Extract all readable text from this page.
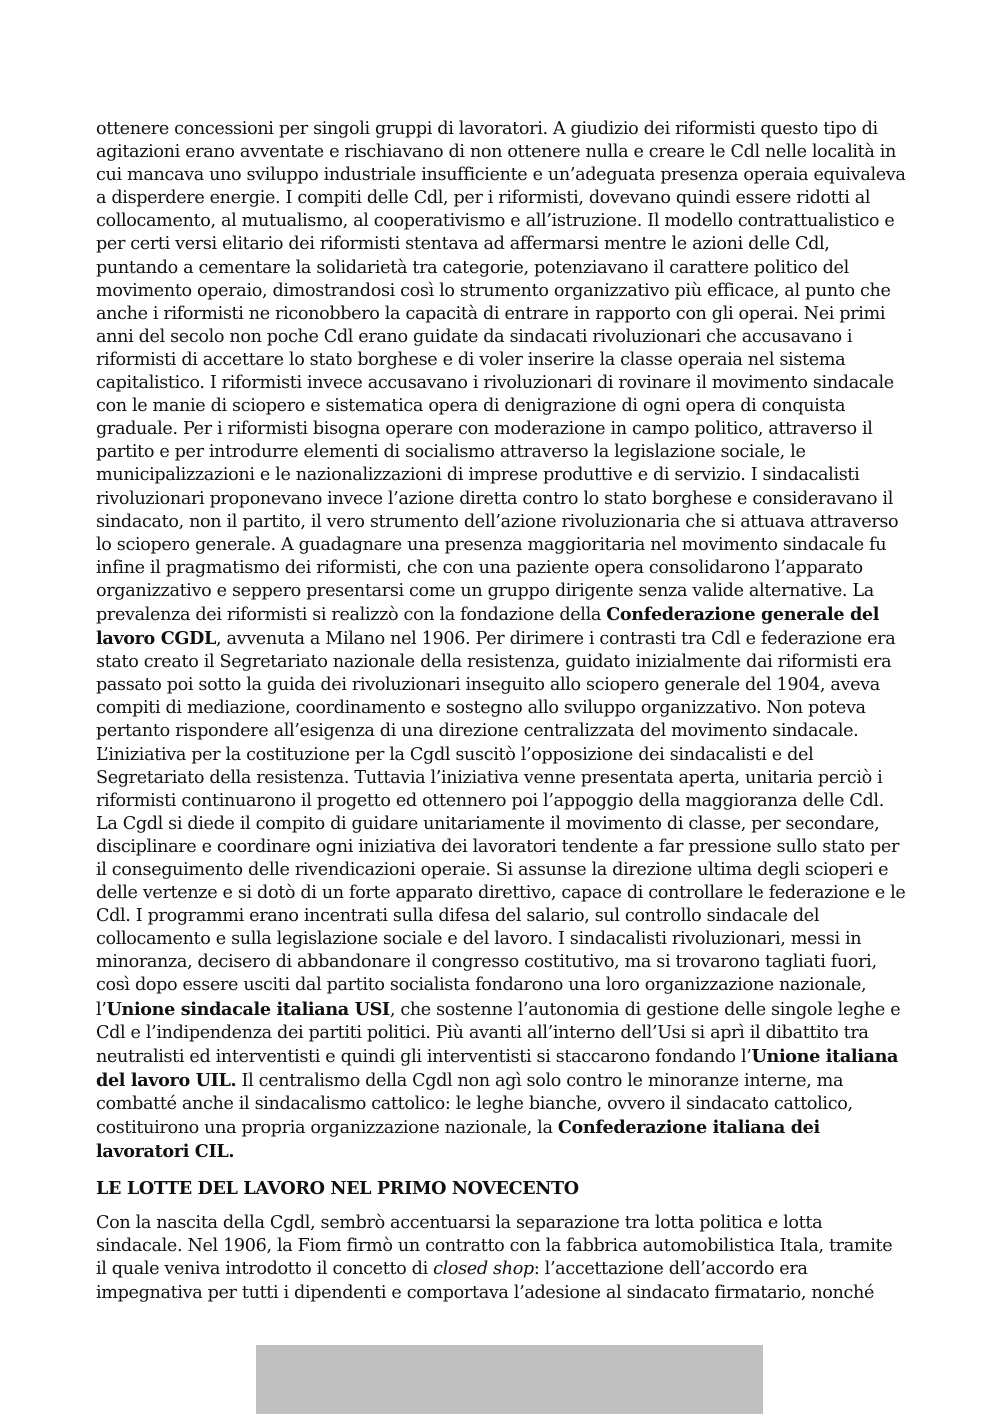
ottenere concessioni per singoli gruppi di lavoratori. A giudizio dei riformisti questo tipo di agitazioni erano avventate e rischiavano di non ottenere nulla e creare le Cdl nelle località in cui mancava uno sviluppo industriale insufficiente e un’adeguata presenza operaia equivaleva a disperdere energie. I compiti delle Cdl, per i riformisti, dovevano quindi essere ridotti al collocamento, al mutualismo, al cooperativismo e all’istruzione. Il modello contrattualistico e per certi versi elitario dei riformisti stentava ad affermarsi mentre le azioni delle Cdl, puntando a cementare la solidarietà tra categorie, potenziavano il carattere politico del movimento operaio, dimostrandosi così lo strumento organizzativo più efficace, al punto che anche i riformisti ne riconobbero la capacità di entrare in rapporto con gli operai. Nei primi anni del secolo non poche Cdl erano guidate da sindacati rivoluzionari che accusavano i riformisti di accettare lo stato borghese e di voler inserire la classe operaia nel sistema capitalistico. I riformisti invece accusavano i rivoluzionari di rovinare il movimento sindacale con le manie di sciopero e sistematica opera di denigrazione di ogni opera di conquista graduale. Per i riformisti bisogna operare con moderazione in campo politico, attraverso il partito e per introdurre elementi di socialismo attraverso la legislazione sociale, le municipalizzazioni e le nazionalizzazioni di imprese produttive e di servizio. I sindacalisti rivoluzionari proponevano invece l’azione diretta contro lo stato borghese e consideravano il sindacato, non il partito, il vero strumento dell’azione rivoluzionaria che si attuava attraverso lo sciopero generale. A guadagnare una presenza maggioritaria nel movimento sindacale fu infine il pragmatismo dei riformisti, che con una paziente opera consolidarono l’apparato organizzativo e seppero presentarsi come un gruppo dirigente senza valide alternative. La prevalenza dei riformisti si realizzò con la fondazione della Confederazione generale del lavoro CGDL, avvenuta a Milano nel 1906. Per dirimere i contrasti tra Cdl e federazione era stato creato il Segretariato nazionale della resistenza, guidato inizialmente dai riformisti era passato poi sotto la guida dei rivoluzionari inseguito allo sciopero generale del 1904, aveva compiti di mediazione, coordinamento e sostegno allo sviluppo organizzativo. Non poteva pertanto rispondere all’esigenza di una direzione centralizzata del movimento sindacale. L’iniziativa per la costituzione per la Cgdl suscitò l’opposizione dei sindacalisti e del Segretariato della resistenza. Tuttavia l’iniziativa venne presentata aperta, unitaria perciò i riformisti continuarono il progetto ed ottennero poi l’appoggio della maggioranza delle Cdl. La Cgdl si diede il compito di guidare unitariamente il movimento di classe, per secondare, disciplinare e coordinare ogni iniziativa dei lavoratori tendente a far pressione sullo stato per il conseguimento delle rivendicazioni operaie. Si assunse la direzione ultima degli scioperi e delle vertenze e si dotò di un forte apparato direttivo, capace di controllare le federazione e le Cdl. I programmi erano incentrati sulla difesa del salario, sul controllo sindacale del collocamento e sulla legislazione sociale e del lavoro. I sindacalisti rivoluzionari, messi in minoranza, decisero di abbandonare il congresso costitutivo, ma si trovarono tagliati fuori, così dopo essere usciti dal partito socialista fondarono una loro organizzazione nazionale, l’Unione sindacale italiana USI, che sostenne l’autonomia di gestione delle singole leghe e Cdl e l’indipendenza dei partiti politici. Più avanti all’interno dell’Usi si aprì il dibattito tra neutralisti ed interventisti e quindi gli interventisti si staccarono fondando l’Unione italiana del lavoro UIL. Il centralismo della Cgdl non agì solo contro le minoranze interne, ma combatté anche il sindacalismo cattolico: le leghe bianche, ovvero il sindacato cattolico, costituirono una propria organizzazione nazionale, la Confederazione italiana dei lavoratori CIL.

LE LOTTE DEL LAVORO NEL PRIMO NOVECENTO

Con la nascita della Cgdl, sembrò accentuarsi la separazione tra lotta politica e lotta sindacale. Nel 1906, la Fiom firmò un contratto con la fabbrica automobilistica Itala, tramite il quale veniva introdotto il concetto di closed shop: l’accettazione dell’accordo era impegnativa per tutti i dipendenti e comportava l’adesione al sindacato firmatario, nonché
